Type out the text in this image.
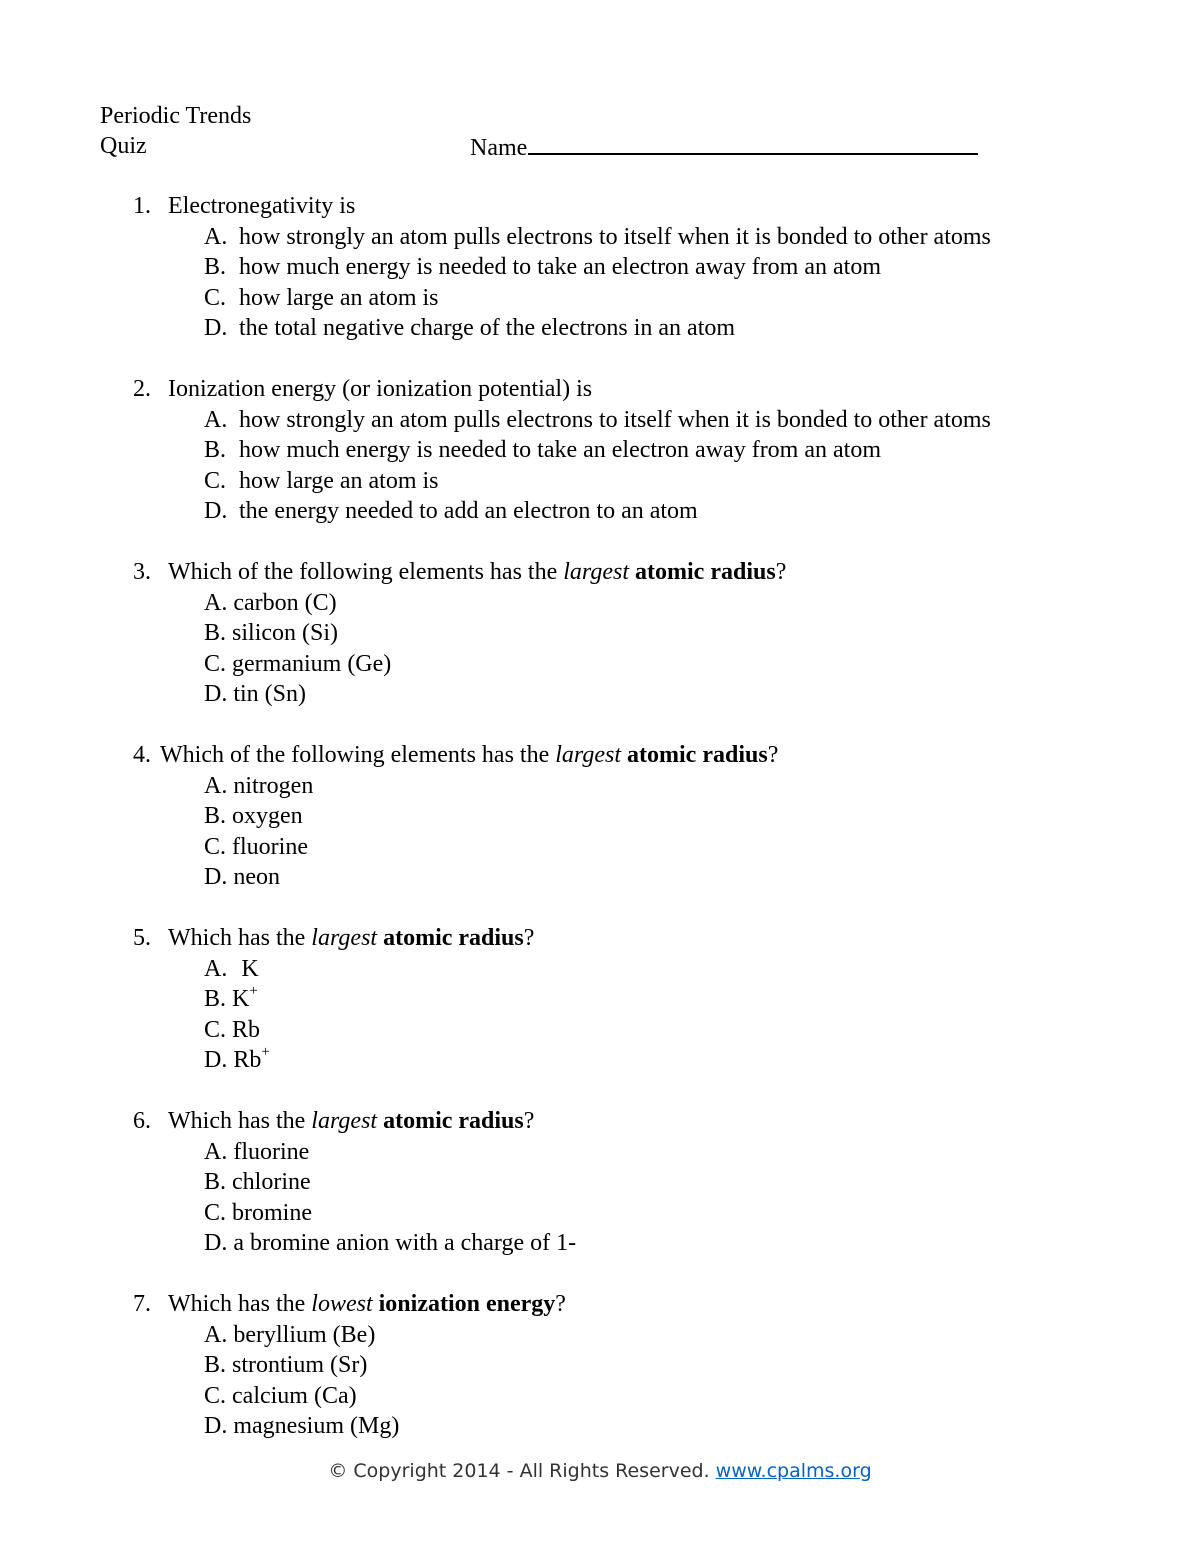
Periodic Trends
Quiz	Name
1. Electronegativity is
A. how strongly an atom pulls electrons to itself when it is bonded to other atoms
B. how much energy is needed to take an electron away from an atom
C. how large an atom is
D. the total negative charge of the electrons in an atom
2. Ionization energy (or ionization potential) is
A. how strongly an atom pulls electrons to itself when it is bonded to other atoms
B. how much energy is needed to take an electron away from an atom
C. how large an atom is
D. the energy needed to add an electron to an atom
3. Which of the following elements has the largest atomic radius?
A. carbon (C)
B. silicon (Si)
C. germanium (Ge)
D. tin (Sn)
4. Which of the following elements has the largest atomic radius?
A. nitrogen
B. oxygen
C. fluorine
D. neon
5. Which has the largest atomic radius?
A. K
B. K+
C. Rb
D. Rb+
6. Which has the largest atomic radius?
A. fluorine
B. chlorine
C. bromine
D. a bromine anion with a charge of 1-
7. Which has the lowest ionization energy?
A. beryllium (Be)
B. strontium (Sr)
C. calcium (Ca)
D. magnesium (Mg)
© Copyright 2014 - All Rights Reserved. www.cpalms.org
